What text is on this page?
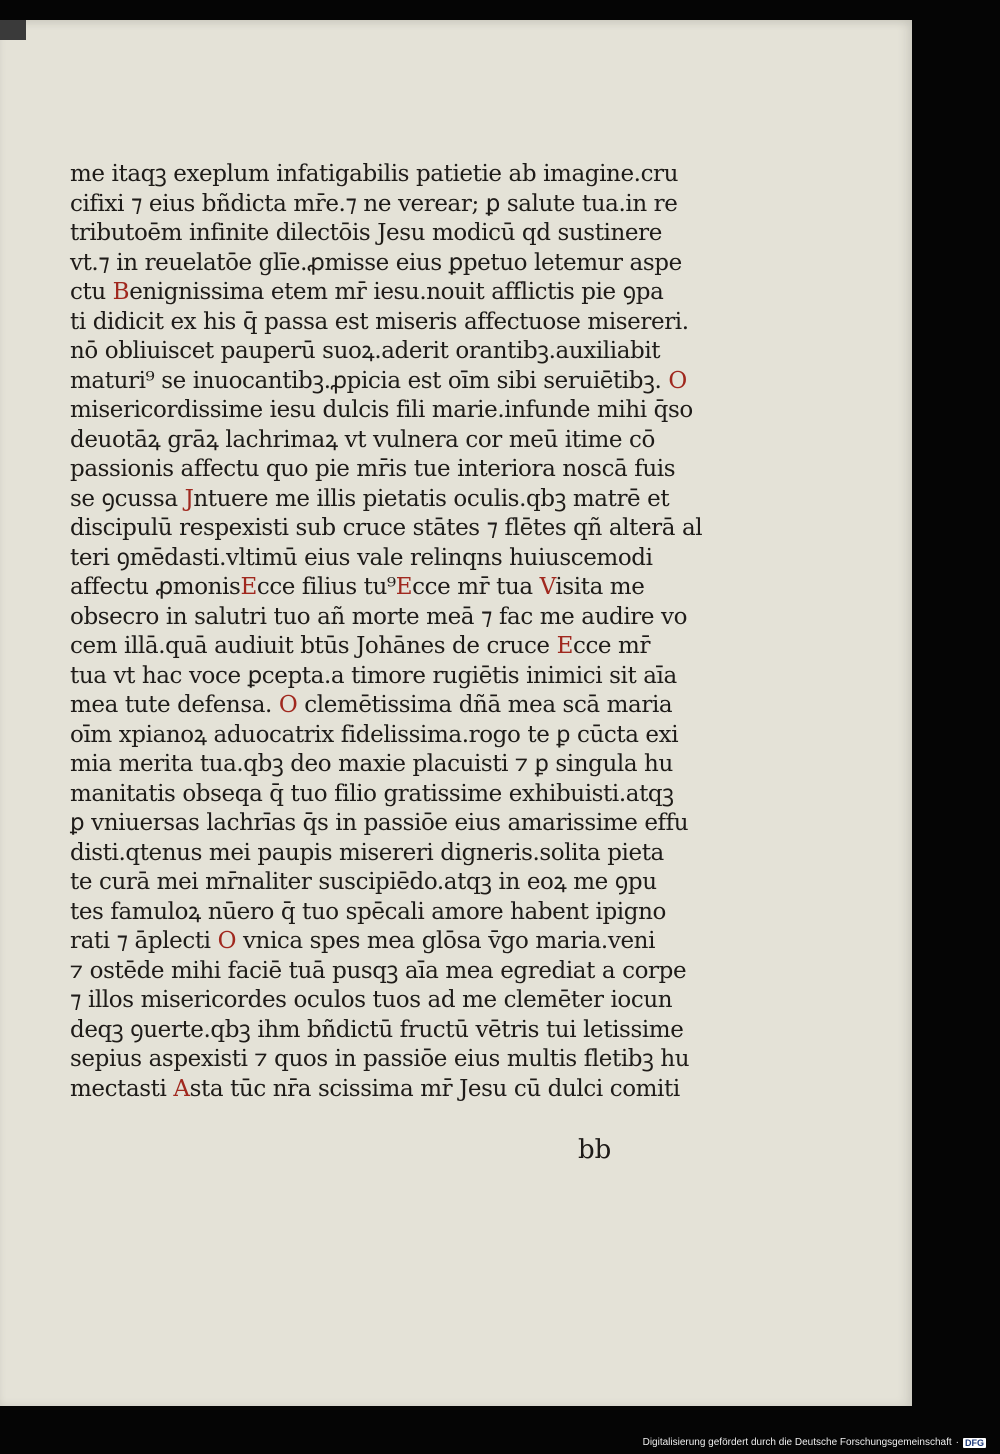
me itaqꝫ exeplum infatigabilis patietie ab imagine.cru
cifixi ⁊ eius bñdicta mr̄e.⁊ ne verear; ꝑ salute tua.in re
tributoēm infinite dilectōis Jesu modicū qd sustinere
vt.⁊ in reuelatōe glīe.ꝓmisse eius ꝑpetuo letemur aspe
ctu Benignissima etem mr̄ iesu.nouit afflictis pie ꝯpa
ti didicit ex his q̄ passa est miseris affectuose misereri.
nō obliuiscet pauperū suoꝝ.aderit orantibꝫ.auxiliabit
maturi⁹ se inuocantibꝫ.ꝓpicia est oīm sibi seruiētibꝫ. O
misericordissime iesu dulcis fili marie.infunde mihi q̄so
deuotāꝝ grāꝝ lachrimaꝝ vt vulnera cor meū itime cō
passionis affectu quo pie mr̄is tue interiora noscā fuis
se ꝯcussa Jntuere me illis pietatis oculis.qbꝫ matrē et
discipulū respexisti sub cruce stātes ⁊ flētes qñ alterā al
teri ꝯmēdasti.vltimū eius vale relinqns huiuscemodi
affectu ꝓmonisEcce filius tu⁹Ecce mr̄ tua Visita me
obsecro in salutri tuo añ morte meā ⁊ fac me audire vo
cem illā.quā audiuit btūs Johānes de cruce Ecce mr̄
tua vt hac voce ꝑcepta.a timore rugiētis inimici sit aīa
mea tute defensa. O clemētissima dñā mea scā maria
oīm xpianoꝝ aduocatrix fidelissima.rogo te ꝑ cūcta exi
mia merita tua.qbꝫ deo maxie placuisti ⁊ ꝑ singula hu
manitatis obseqa q̄ tuo filio gratissime exhibuisti.atqꝫ
ꝑ vniuersas lachrīas q̄s in passiōe eius amarissime effu
disti.qtenus mei paupis misereri digneris.solita pieta
te curā mei mr̄naliter suscipiēdo.atqꝫ in eoꝝ me ꝯpu
tes famuloꝝ nūero q̄ tuo spēcali amore habent ipigno
rati ⁊ āplecti O vnica spes mea glōsa v̄go maria.veni
⁊ ostēde mihi faciē tuā pusqꝫ aīa mea egrediat a corpe
⁊ illos misericordes oculos tuos ad me clemēter iocun
deqꝫ ꝯuerte.qbꝫ ihm bñdictū fructū vētris tui letissime
sepius aspexisti ⁊ quos in passiōe eius multis fletibꝫ hu
mectasti Asta tūc nr̄a scissima mr̄ Jesu cū dulci comiti
bb
Digitalisierung gefördert durch die Deutsche Forschungsgemeinschaft · DFG
